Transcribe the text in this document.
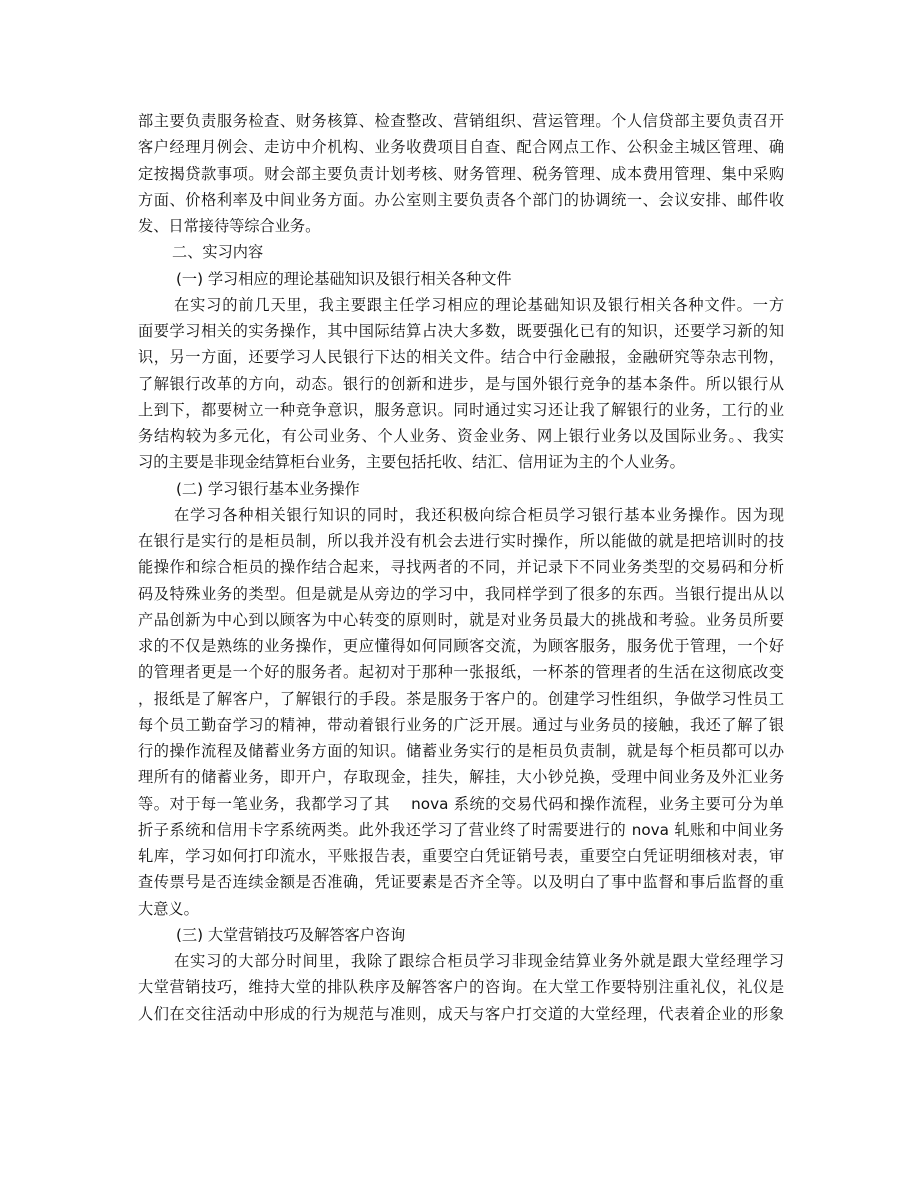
部主要负责服务检查、财务核算、检查整改、营销组织、营运管理。个人信贷部主要负责召开
客户经理月例会、走访中介机构、业务收费项目自查、配合网点工作、公积金主城区管理、确
定按揭贷款事项。财会部主要负责计划考核、财务管理、税务管理、成本费用管理、集中采购
方面、价格利率及中间业务方面。办公室则主要负责各个部门的协调统一、会议安排、邮件收
发、日常接待等综合业务。
二、实习内容
(一) 学习相应的理论基础知识及银行相关各种文件
在实习的前几天里，我主要跟主任学习相应的理论基础知识及银行相关各种文件。一方
面要学习相关的实务操作，其中国际结算占决大多数，既要强化已有的知识，还要学习新的知
识，另一方面，还要学习人民银行下达的相关文件。结合中行金融报，金融研究等杂志刊物，
了解银行改革的方向，动态。银行的创新和进步，是与国外银行竞争的基本条件。所以银行从
上到下，都要树立一种竞争意识，服务意识。同时通过实习还让我了解银行的业务，工行的业
务结构较为多元化，有公司业务、个人业务、资金业务、网上银行业务以及国际业务。、我实
习的主要是非现金结算柜台业务，主要包括托收、结汇、信用证为主的个人业务。
(二) 学习银行基本业务操作
在学习各种相关银行知识的同时，我还积极向综合柜员学习银行基本业务操作。因为现
在银行是实行的是柜员制，所以我并没有机会去进行实时操作，所以能做的就是把培训时的技
能操作和综合柜员的操作结合起来，寻找两者的不同，并记录下不同业务类型的交易码和分析
码及特殊业务的类型。但是就是从旁边的学习中，我同样学到了很多的东西。当银行提出从以
产品创新为中心到以顾客为中心转变的原则时，就是对业务员最大的挑战和考验。业务员所要
求的不仅是熟练的业务操作，更应懂得如何同顾客交流，为顾客服务，服务优于管理，一个好
的管理者更是一个好的服务者。起初对于那种一张报纸，一杯茶的管理者的生活在这彻底改变
，报纸是了解客户，了解银行的手段。茶是服务于客户的。创建学习性组织，争做学习性员工
每个员工勤奋学习的精神，带动着银行业务的广泛开展。通过与业务员的接触，我还了解了银
行的操作流程及储蓄业务方面的知识。储蓄业务实行的是柜员负责制，就是每个柜员都可以办
理所有的储蓄业务，即开户，存取现金，挂失，解挂，大小钞兑换，受理中间业务及外汇业务
等。对于每一笔业务，我都学习了其　 nova 系统的交易代码和操作流程，业务主要可分为单
折子系统和信用卡字系统两类。此外我还学习了营业终了时需要进行的 nova 轧账和中间业务
轧库，学习如何打印流水，平账报告表，重要空白凭证销号表，重要空白凭证明细核对表，审
查传票号是否连续金额是否准确，凭证要素是否齐全等。以及明白了事中监督和事后监督的重
大意义。
(三) 大堂营销技巧及解答客户咨询
在实习的大部分时间里，我除了跟综合柜员学习非现金结算业务外就是跟大堂经理学习
大堂营销技巧，维持大堂的排队秩序及解答客户的咨询。在大堂工作要特别注重礼仪，礼仪是
人们在交往活动中形成的行为规范与准则，成天与客户打交道的大堂经理，代表着企业的形象
